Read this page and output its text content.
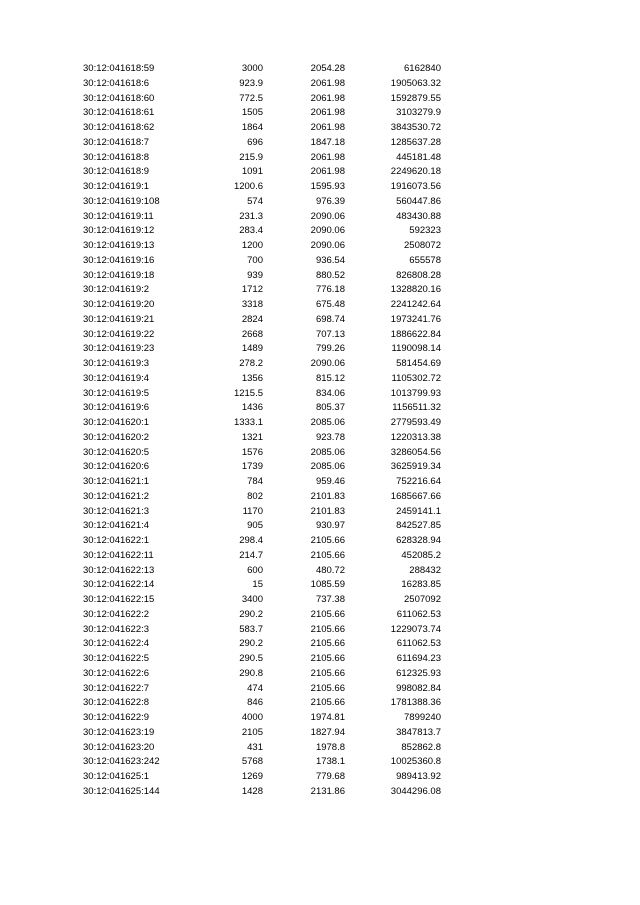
30:12:041618:59	3000	2054.28	6162840
30:12:041618:6	923.9	2061.98	1905063.32
30:12:041618:60	772.5	2061.98	1592879.55
30:12:041618:61	1505	2061.98	3103279.9
30:12:041618:62	1864	2061.98	3843530.72
30:12:041618:7	696	1847.18	1285637.28
30:12:041618:8	215.9	2061.98	445181.48
30:12:041618:9	1091	2061.98	2249620.18
30:12:041619:1	1200.6	1595.93	1916073.56
30:12:041619:108	574	976.39	560447.86
30:12:041619:11	231.3	2090.06	483430.88
30:12:041619:12	283.4	2090.06	592323
30:12:041619:13	1200	2090.06	2508072
30:12:041619:16	700	936.54	655578
30:12:041619:18	939	880.52	826808.28
30:12:041619:2	1712	776.18	1328820.16
30:12:041619:20	3318	675.48	2241242.64
30:12:041619:21	2824	698.74	1973241.76
30:12:041619:22	2668	707.13	1886622.84
30:12:041619:23	1489	799.26	1190098.14
30:12:041619:3	278.2	2090.06	581454.69
30:12:041619:4	1356	815.12	1105302.72
30:12:041619:5	1215.5	834.06	1013799.93
30:12:041619:6	1436	805.37	1156511.32
30:12:041620:1	1333.1	2085.06	2779593.49
30:12:041620:2	1321	923.78	1220313.38
30:12:041620:5	1576	2085.06	3286054.56
30:12:041620:6	1739	2085.06	3625919.34
30:12:041621:1	784	959.46	752216.64
30:12:041621:2	802	2101.83	1685667.66
30:12:041621:3	1170	2101.83	2459141.1
30:12:041621:4	905	930.97	842527.85
30:12:041622:1	298.4	2105.66	628328.94
30:12:041622:11	214.7	2105.66	452085.2
30:12:041622:13	600	480.72	288432
30:12:041622:14	15	1085.59	16283.85
30:12:041622:15	3400	737.38	2507092
30:12:041622:2	290.2	2105.66	611062.53
30:12:041622:3	583.7	2105.66	1229073.74
30:12:041622:4	290.2	2105.66	611062.53
30:12:041622:5	290.5	2105.66	611694.23
30:12:041622:6	290.8	2105.66	612325.93
30:12:041622:7	474	2105.66	998082.84
30:12:041622:8	846	2105.66	1781388.36
30:12:041622:9	4000	1974.81	7899240
30:12:041623:19	2105	1827.94	3847813.7
30:12:041623:20	431	1978.8	852862.8
30:12:041623:242	5768	1738.1	10025360.8
30:12:041625:1	1269	779.68	989413.92
30:12:041625:144	1428	2131.86	3044296.08
